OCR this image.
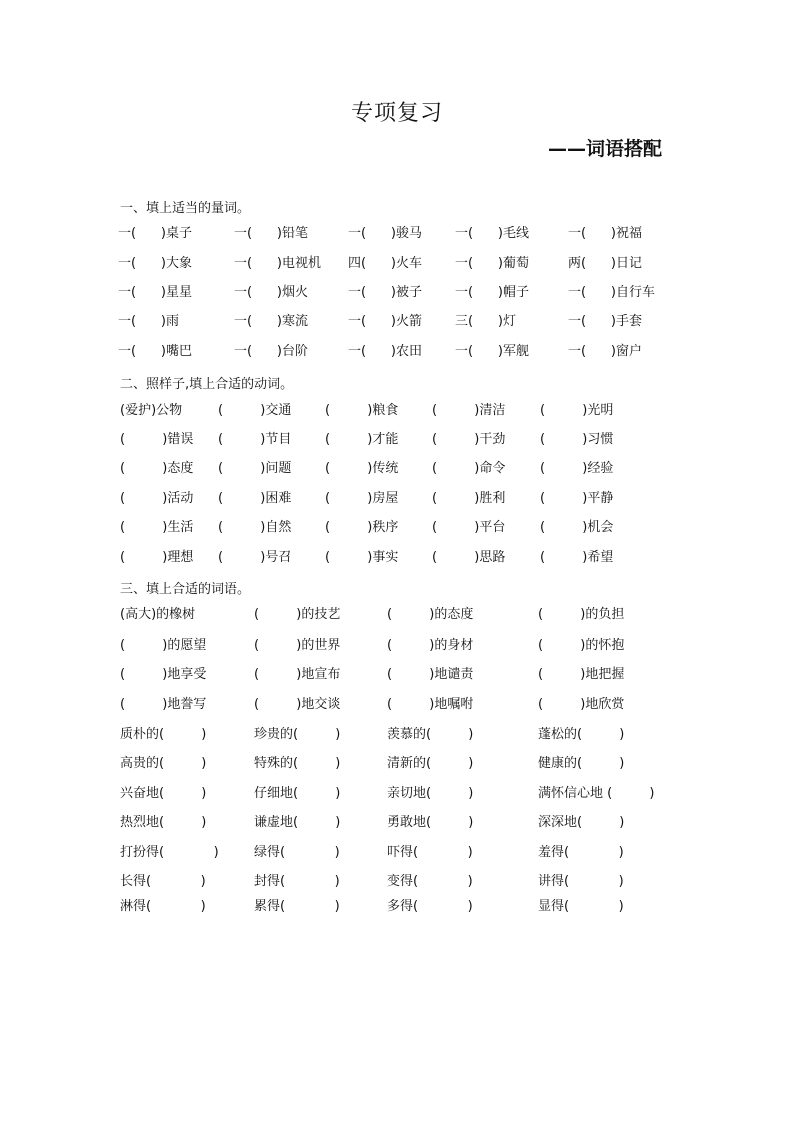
专项复习
——词语搭配
一、填上适当的量词。
一(      )桌子	一(      )铅笔	一(      )骏马	一(      )毛线	一(      )祝福
一(      )大象	一(      )电视机 四(      )火车	一(      )葡萄	两(      )日记
一(      )星星	一(      )烟火	一(      )被子	一(      )帽子	一(      )自行车
一(      )雨	一(      )寒流	一(      )火箭	三(      )灯	一(      )手套
一(      )嘴巴	一(      )台阶	一(      )农田	一(      )军舰	一(      )窗户
二、照样子,填上合适的动词。
(爱护)公物	(         )交通	(         )粮食	(         )清洁	(         )光明
(         )错误 (         )节目	(         )才能	(         )干劲	(         )习惯
(         )态度 (         )问题	(         )传统	(         )命令	(         )经验
(         )活动 (         )困难	(         )房屋	(         )胜利	(         )平静
(         )生活 (         )自然	(         )秩序	(         )平台	(         )机会
(         )理想 (         )号召	(         )事实	(         )思路	(         )希望
三、填上合适的词语。
(高大)的橡树	(         )的技艺	(         )的态度	(         )的负担
(         )的愿望	(         )的世界	(         )的身材	(         )的怀抱
(         )地享受	(         )地宣布	(         )地谴责	(         )地把握
(         )地誊写	(         )地交谈	(         )地嘱咐	(         )地欣赏
质朴的(         )	珍贵的(         )	羡慕的(         )	蓬松的(         )
高贵的(         )	特殊的(         )	清新的(         )	健康的(         )
兴奋地(         )	仔细地(         )	亲切地(         )	满怀信心地 (         )
热烈地(         )	谦虚地(         )	勇敢地(         )	深深地(         )
打扮得(            )	绿得(            )	吓得(            )	羞得(            )
长得(            )	封得(            )	变得(            )	讲得(            )
淋得(            )	累得(            )	多得(            )	显得(            )
